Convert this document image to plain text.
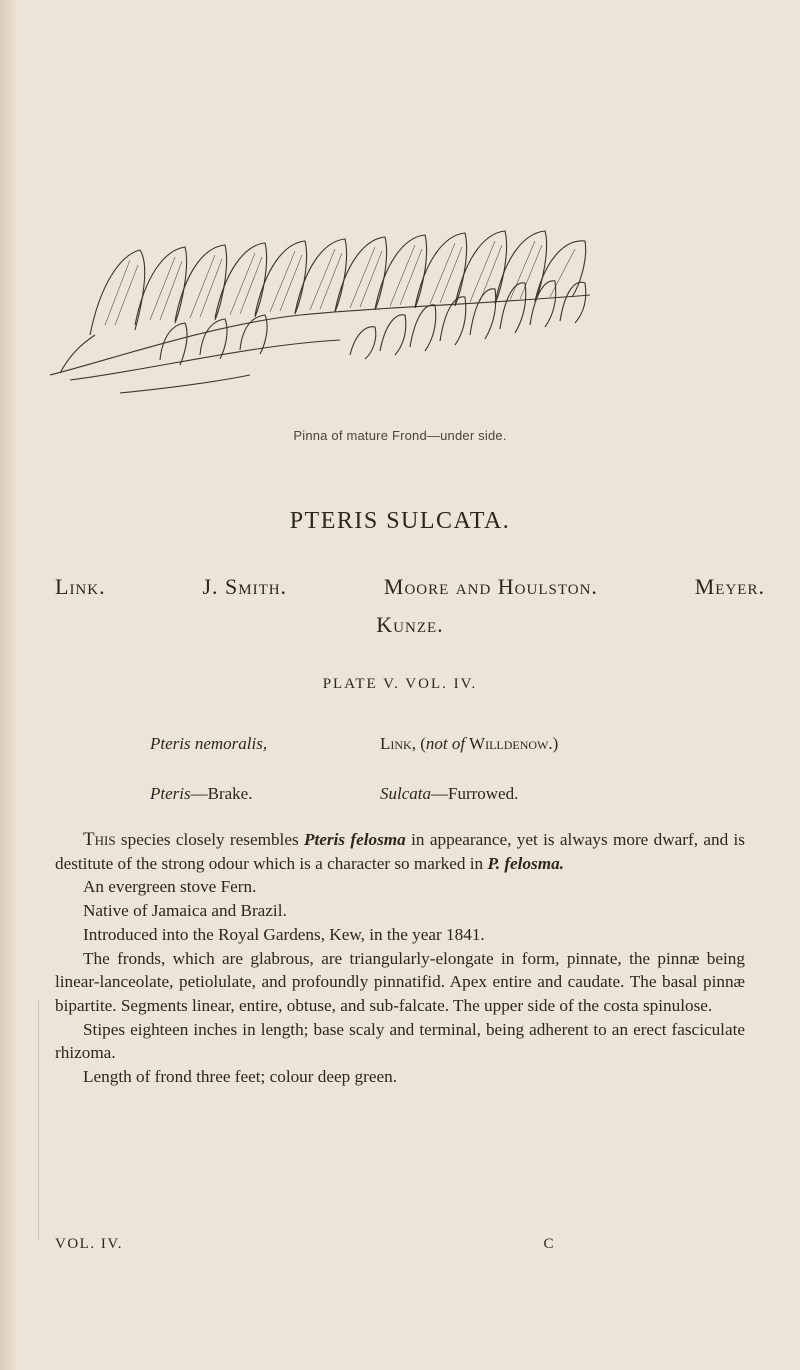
Pinna of mature Frond—under side.
PTERIS SULCATA.
Link.	J. Smith.	Moore and Houlston.	Meyer.
Kunze.
PLATE V. VOL. IV.
Pteris nemoralis,	Link, (not of Willdenow.)
Pteris—Brake.	Sulcata—Furrowed.

This species closely resembles Pteris felosma in appearance, yet is always more dwarf, and is destitute of the strong odour which is a character so marked in P. felosma.

An evergreen stove Fern.

Native of Jamaica and Brazil.

Introduced into the Royal Gardens, Kew, in the year 1841.

The fronds, which are glabrous, are triangularly-elongate in form, pinnate, the pinnæ being linear-lanceolate, petiolulate, and profoundly pinnatifid. Apex entire and caudate. The basal pinnæ bipartite. Segments linear, entire, obtuse, and sub-falcate. The upper side of the costa spinulose.

Stipes eighteen inches in length; base scaly and terminal, being adherent to an erect fasciculate rhizoma.

Length of frond three feet; colour deep green.

VOL. IV.	C
